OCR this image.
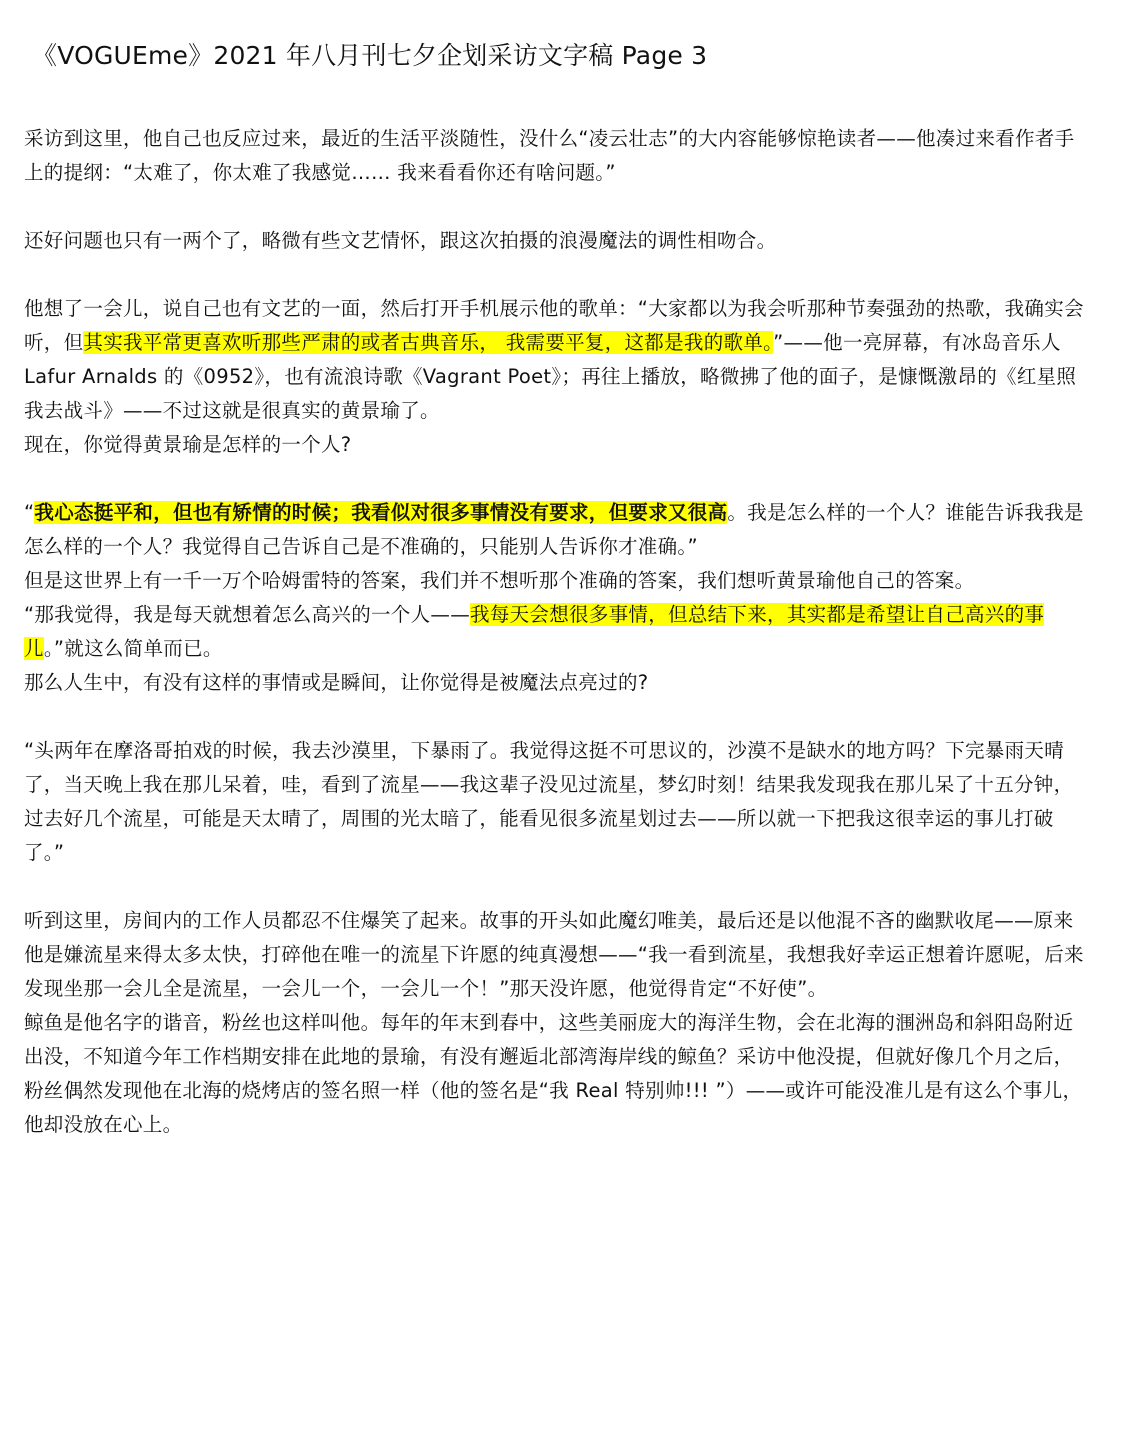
《VOGUEme》2021 年八月刊七夕企划采访文字稿 Page 3

采访到这里，他自己也反应过来，最近的生活平淡随性，没什么“凌云壮志”的大内容能够惊艳读者——他凑过来看作者手上的提纲：“太难了，你太难了我感觉…… 我来看看你还有啥问题。”

还好问题也只有一两个了，略微有些文艺情怀，跟这次拍摄的浪漫魔法的调性相吻合。

他想了一会儿，说自己也有文艺的一面，然后打开手机展示他的歌单：“大家都以为我会听那种节奏强劲的热歌，我确实会听，但其实我平常更喜欢听那些严肃的或者古典音乐， 我需要平复，这都是我的歌单。”——他一亮屏幕，有冰岛音乐人 Lafur Arnalds 的《0952》，也有流浪诗歌《Vagrant Poet》；再往上播放，略微拂了他的面子，是慷慨激昂的《红星照我去战斗》——不过这就是很真实的黄景瑜了。

现在，你觉得黄景瑜是怎样的一个人?

“我心态挺平和，但也有矫情的时候；我看似对很多事情没有要求，但要求又很高。我是怎么样的一个人？谁能告诉我我是怎么样的一个人？我觉得自己告诉自己是不准确的，只能别人告诉你才准确。”

但是这世界上有一千一万个哈姆雷特的答案，我们并不想听那个准确的答案，我们想听黄景瑜他自己的答案。

“那我觉得，我是每天就想着怎么高兴的一个人——我每天会想很多事情，但总结下来，其实都是希望让自己高兴的事儿。”就这么简单而已。

那么人生中，有没有这样的事情或是瞬间，让你觉得是被魔法点亮过的?

“头两年在摩洛哥拍戏的时候，我去沙漠里，下暴雨了。我觉得这挺不可思议的，沙漠不是缺水的地方吗？下完暴雨天晴了，当天晚上我在那儿呆着，哇，看到了流星——我这辈子没见过流星，梦幻时刻！结果我发现我在那儿呆了十五分钟，过去好几个流星，可能是天太晴了，周围的光太暗了，能看见很多流星划过去——所以就一下把我这很幸运的事儿打破了。”

听到这里，房间内的工作人员都忍不住爆笑了起来。故事的开头如此魔幻唯美，最后还是以他混不吝的幽默收尾——原来他是嫌流星来得太多太快，打碎他在唯一的流星下许愿的纯真漫想——“我一看到流星，我想我好幸运正想着许愿呢，后来发现坐那一会儿全是流星，一会儿一个，一会儿一个！”那天没许愿，他觉得肯定“不好使”。

鲸鱼是他名字的谐音，粉丝也这样叫他。每年的年末到春中，这些美丽庞大的海洋生物，会在北海的涠洲岛和斜阳岛附近出没，不知道今年工作档期安排在此地的景瑜，有没有邂逅北部湾海岸线的鲸鱼？采访中他没提，但就好像几个月之后，粉丝偶然发现他在北海的烧烤店的签名照一样（他的签名是“我 Real 特别帅!!! ”）——或许可能没准儿是有这么个事儿，他却没放在心上。
